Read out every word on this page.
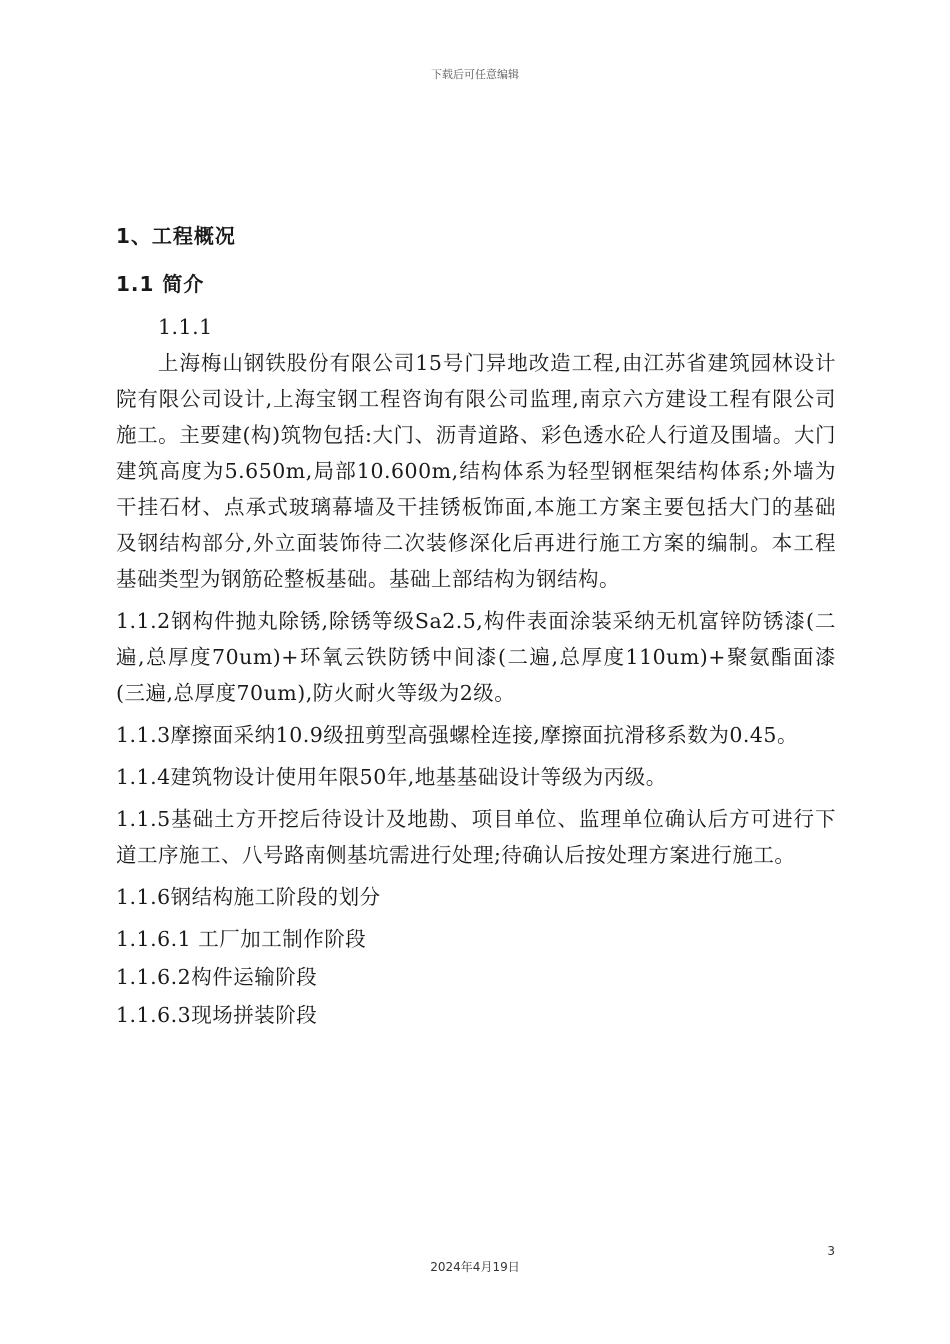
下载后可任意编辑
1、工程概况
1.1 简介

1.1.1

上海梅山钢铁股份有限公司15号门异地改造工程,由江苏省建筑园林设计院有限公司设计,上海宝钢工程咨询有限公司监理,南京六方建设工程有限公司施工。主要建(构)筑物包括:大门、沥青道路、彩色透水砼人行道及围墙。大门建筑高度为5.650m,局部10.600m,结构体系为轻型钢框架结构体系;外墙为干挂石材、点承式玻璃幕墙及干挂锈板饰面,本施工方案主要包括大门的基础及钢结构部分,外立面装饰待二次装修深化后再进行施工方案的编制。本工程基础类型为钢筋砼整板基础。基础上部结构为钢结构。

1.1.2钢构件抛丸除锈,除锈等级Sa2.5,构件表面涂装采纳无机富锌防锈漆(二遍,总厚度70um)+环氧云铁防锈中间漆(二遍,总厚度110um)+聚氨酯面漆(三遍,总厚度70um),防火耐火等级为2级。

1.1.3摩擦面采纳10.9级扭剪型高强螺栓连接,摩擦面抗滑移系数为0.45。

1.1.4建筑物设计使用年限50年,地基基础设计等级为丙级。

1.1.5基础土方开挖后待设计及地勘、项目单位、监理单位确认后方可进行下道工序施工、八号路南侧基坑需进行处理;待确认后按处理方案进行施工。

1.1.6钢结构施工阶段的划分

1.1.6.1 工厂加工制作阶段

1.1.6.2构件运输阶段

1.1.6.3现场拼装阶段

3
2024年4月19日
